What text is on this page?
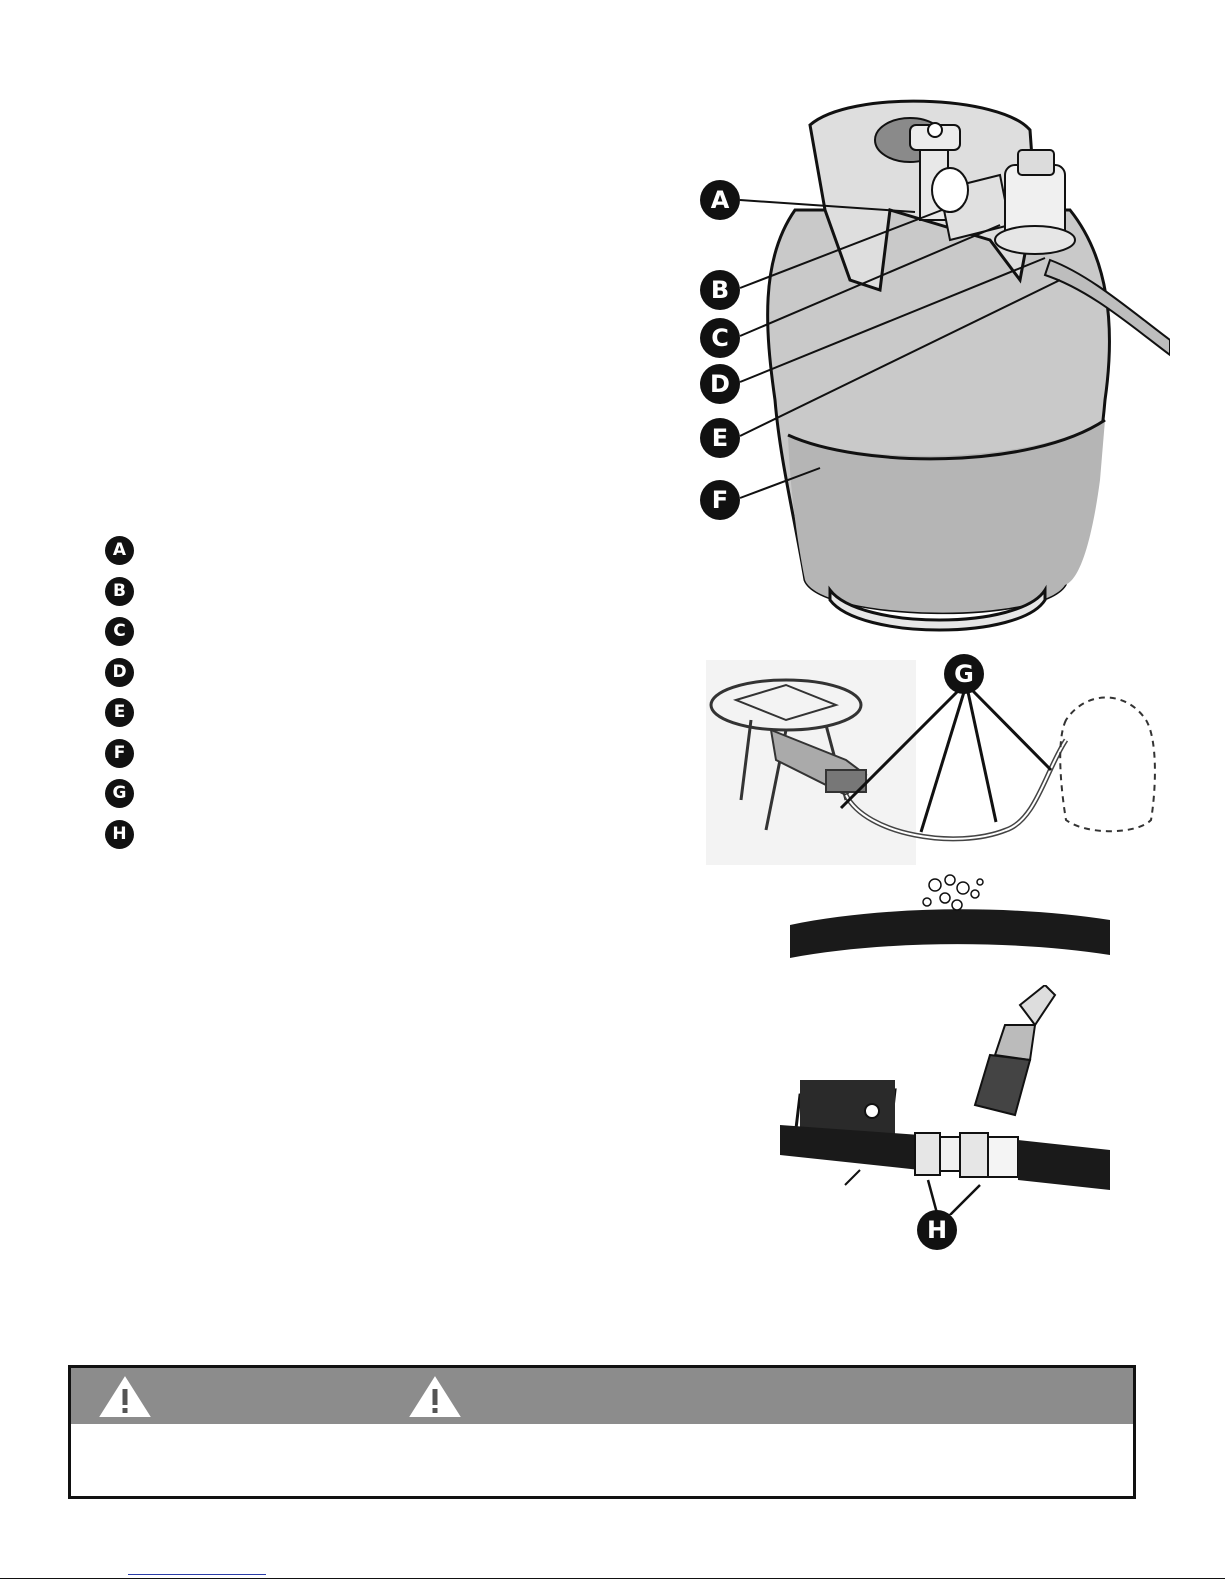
A
B
C
D
E
F
G
H
A
B
C
D
E
F
G
H
